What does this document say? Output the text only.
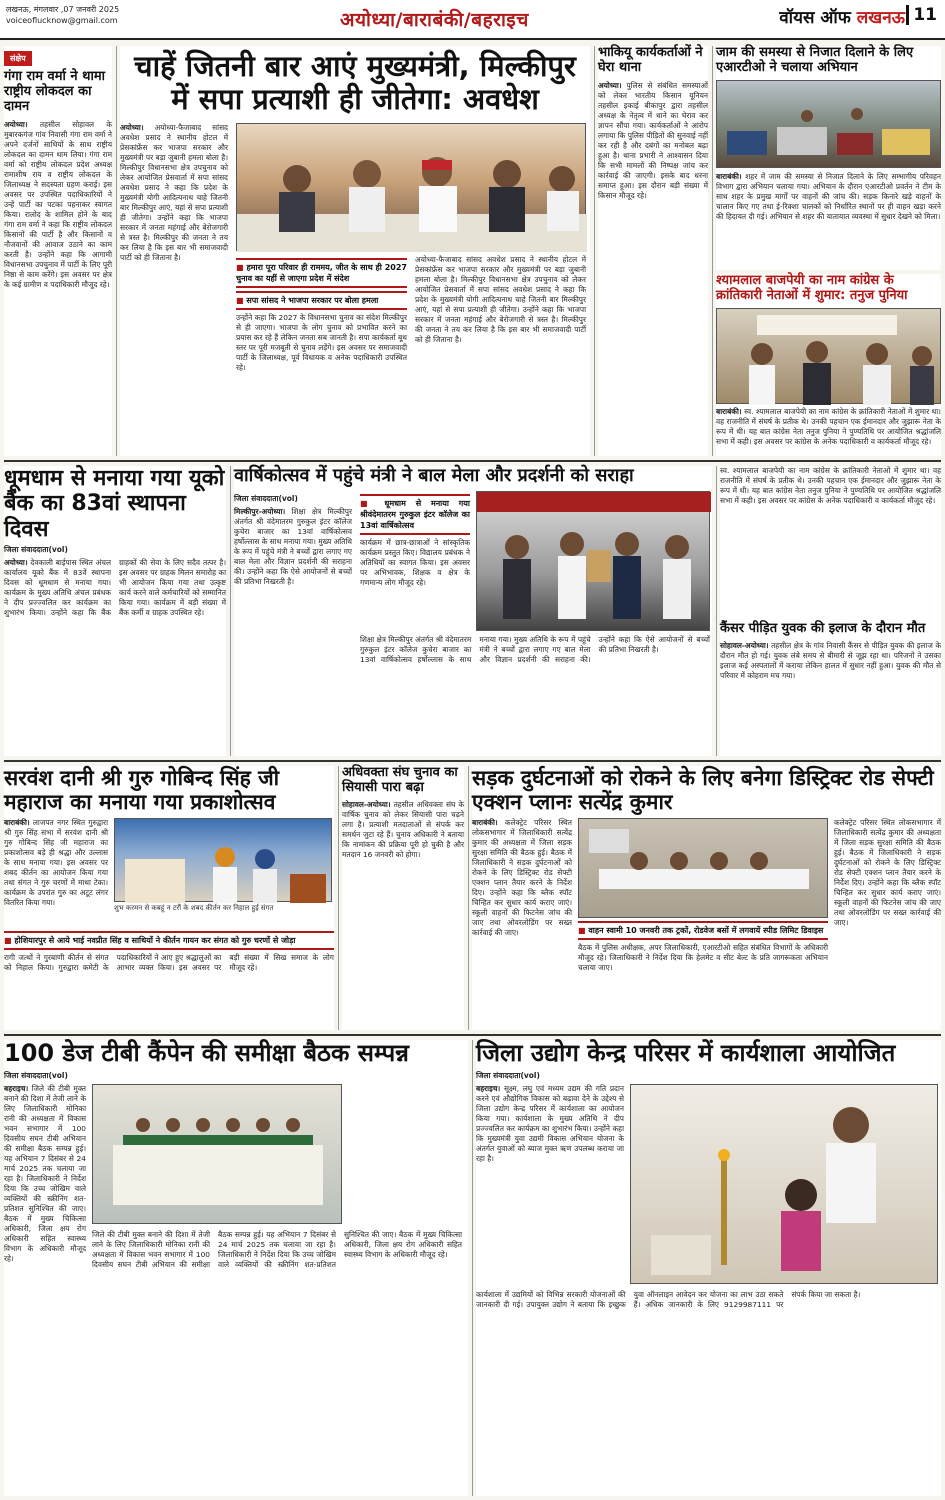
लखनऊ, मंगलवार ,07 जनवरी 2025
voiceoflucknow@gmail.com	अयोध्या/बाराबंकी/बहराइच	वॉयस ऑफ लखनऊ 11
संक्षेप
गंगा राम वर्मा ने थामा राष्ट्रीय लोकदल का दामन
अयोध्या। तहसील सोहावल के मुबारकगंज गांव निवासी गंगा राम वर्मा ने अपने दर्जनों साथियों के साथ राष्ट्रीय लोकदल का दामन थाम लिया। गंगा राम वर्मा को राष्ट्रीय लोकदल प्रदेश अध्यक्ष रामाशीष राय व राष्ट्रीय लोकदल के जिलाध्यक्ष ने सदस्यता ग्रहण कराई। इस अवसर पर उपस्थित पदाधिकारियों ने उन्हें पार्टी का पटका पहनाकर स्वागत किया। रालोद के शामिल होने के बाद गंगा राम वर्मा ने कहा कि राष्ट्रीय लोकदल किसानों की पार्टी है और किसानों व नौजवानों की आवाज उठाने का काम करती है। उन्होंने कहा कि आगामी विधानसभा उपचुनाव में पार्टी के लिए पूरी निष्ठा से काम करेंगे। इस अवसर पर क्षेत्र के कई ग्रामीण व पदाधिकारी मौजूद रहे।
चाहें जितनी बार आएं मुख्यमंत्री, मिल्कीपुर में सपा प्रत्याशी ही जीतेगा: अवधेश
अयोध्या। अयोध्या-फैजाबाद सांसद अवधेश प्रसाद ने स्थानीय होटल में प्रेसकांफ्रेंस कर भाजपा सरकार और मुख्यमंत्री पर बड़ा जुबानी हमला बोला है। मिल्कीपुर विधानसभा क्षेत्र उपचुनाव को लेकर आयोजित प्रेसवार्ता में सपा सांसद अवधेश प्रसाद ने कहा कि प्रदेश के मुख्यमंत्री योगी आदित्यनाथ चाहे जितनी बार मिल्कीपुर आएं, यहां से सपा प्रत्याशी ही जीतेगा। उन्होंने कहा कि भाजपा सरकार में जनता महंगाई और बेरोजगारी से त्रस्त है। मिल्कीपुर की जनता ने तय कर लिया है कि इस बार भी समाजवादी पार्टी को ही जिताना है।
■ हमारा पूरा परिवार ही राममय, जीत के साथ ही 2027 चुनाव का यहीं से जाएगा प्रदेश में संदेश
■ सपा सांसद ने भाजपा सरकार पर बोला हमला
उन्होंने कहा कि 2027 के विधानसभा चुनाव का संदेश मिल्कीपुर से ही जाएगा। भाजपा के लोग चुनाव को प्रभावित करने का प्रयास कर रहे हैं लेकिन जनता सब जानती है। सपा कार्यकर्ता बूथ स्तर पर पूरी मजबूती से चुनाव लड़ेंगे। इस अवसर पर समाजवादी पार्टी के जिलाध्यक्ष, पूर्व विधायक व अनेक पदाधिकारी उपस्थित रहे।
अयोध्या-फैजाबाद सांसद अवधेश प्रसाद ने स्थानीय होटल में प्रेसकांफ्रेंस कर भाजपा सरकार और मुख्यमंत्री पर बड़ा जुबानी हमला बोला है। मिल्कीपुर विधानसभा क्षेत्र उपचुनाव को लेकर आयोजित प्रेसवार्ता में सपा सांसद अवधेश प्रसाद ने कहा कि प्रदेश के मुख्यमंत्री योगी आदित्यनाथ चाहे जितनी बार मिल्कीपुर आएं, यहां से सपा प्रत्याशी ही जीतेगा। उन्होंने कहा कि भाजपा सरकार में जनता महंगाई और बेरोजगारी से त्रस्त है। मिल्कीपुर की जनता ने तय कर लिया है कि इस बार भी समाजवादी पार्टी को ही जिताना है।
भाकियू कार्यकर्ताओं ने घेरा थाना
अयोध्या। पुलिस से संबंधित समस्याओं को लेकर भारतीय किसान यूनियन तहसील इकाई बीकापुर द्वारा तहसील अध्यक्ष के नेतृत्व में थाने का घेराव कर ज्ञापन सौंपा गया। कार्यकर्ताओं ने आरोप लगाया कि पुलिस पीड़ितों की सुनवाई नहीं कर रही है और दबंगों का मनोबल बढ़ा हुआ है। थाना प्रभारी ने आश्वासन दिया कि सभी मामलों की निष्पक्ष जांच कर कार्रवाई की जाएगी। इसके बाद धरना समाप्त हुआ। इस दौरान बड़ी संख्या में किसान मौजूद रहे।
जाम की समस्या से निजात दिलाने के लिए एआरटीओ ने चलाया अभियान
बाराबंकी। शहर में जाम की समस्या से निजात दिलाने के लिए सम्भागीय परिवहन विभाग द्वारा अभियान चलाया गया। अभियान के दौरान एआरटीओ प्रवर्तन ने टीम के साथ शहर के प्रमुख मार्गों पर वाहनों की जांच की। सड़क किनारे खड़े वाहनों के चालान किए गए तथा ई-रिक्शा चालकों को निर्धारित स्थानों पर ही वाहन खड़ा करने की हिदायत दी गई। अभियान से शहर की यातायात व्यवस्था में सुधार देखने को मिला।
श्यामलाल बाजपेयी का नाम कांग्रेस के क्रांतिकारी नेताओं में शुमार: तनुज पुनिया
बाराबंकी। स्व. श्यामलाल बाजपेयी का नाम कांग्रेस के क्रांतिकारी नेताओं में शुमार था। वह राजनीति में संघर्ष के प्रतीक थे। उनकी पहचान एक ईमानदार और जुझारू नेता के रूप में थी। यह बात कांग्रेस नेता तनुज पुनिया ने पुण्यतिथि पर आयोजित श्रद्धांजलि सभा में कही। इस अवसर पर कांग्रेस के अनेक पदाधिकारी व कार्यकर्ता मौजूद रहे।
धूमधाम से मनाया गया यूको बैंक का 83वां स्थापना दिवस
जिला संवाददाता(vol)
अयोध्या। देवकाली बाईपास स्थित अंचल कार्यालय यूको बैंक में 83वें स्थापना दिवस को धूमधाम से मनाया गया। कार्यक्रम के मुख्य अतिथि अंचल प्रबंधक ने दीप प्रज्ज्वलित कर कार्यक्रम का शुभारंभ किया। उन्होंने कहा कि बैंक ग्राहकों की सेवा के लिए सदैव तत्पर है। इस अवसर पर ग्राहक मिलन समारोह का भी आयोजन किया गया तथा उत्कृष्ट कार्य करने वाले कर्मचारियों को सम्मानित किया गया। कार्यक्रम में बड़ी संख्या में बैंक कर्मी व ग्राहक उपस्थित रहे।
वार्षिकोत्सव में पहुंचे मंत्री ने बाल मेला और प्रदर्शनी को सराहा
जिला संवाददाता(vol)
मिल्कीपुर-अयोध्या। शिक्षा क्षेत्र मिल्कीपुर अंतर्गत श्री वंदेमातरम गुरुकुल इंटर कॉलेज कुचेरा बाजार का 13वां वार्षिकोत्सव हर्षोल्लास के साथ मनाया गया। मुख्य अतिथि के रूप में पहुंचे मंत्री ने बच्चों द्वारा लगाए गए बाल मेला और विज्ञान प्रदर्शनी की सराहना की। उन्होंने कहा कि ऐसे आयोजनों से बच्चों की प्रतिभा निखरती है।
■ धूमधाम से मनाया गया श्रीवंदेमातरम गुरुकुल इंटर कॉलेज का 13वां वार्षिकोत्सव
कार्यक्रम में छात्र-छात्राओं ने सांस्कृतिक कार्यक्रम प्रस्तुत किए। विद्यालय प्रबंधक ने अतिथियों का स्वागत किया। इस अवसर पर अभिभावक, शिक्षक व क्षेत्र के गणमान्य लोग मौजूद रहे।
शिक्षा क्षेत्र मिल्कीपुर अंतर्गत श्री वंदेमातरम गुरुकुल इंटर कॉलेज कुचेरा बाजार का 13वां वार्षिकोत्सव हर्षोल्लास के साथ मनाया गया। मुख्य अतिथि के रूप में पहुंचे मंत्री ने बच्चों द्वारा लगाए गए बाल मेला और विज्ञान प्रदर्शनी की सराहना की। उन्होंने कहा कि ऐसे आयोजनों से बच्चों की प्रतिभा निखरती है।
स्व. श्यामलाल बाजपेयी का नाम कांग्रेस के क्रांतिकारी नेताओं में शुमार था। वह राजनीति में संघर्ष के प्रतीक थे। उनकी पहचान एक ईमानदार और जुझारू नेता के रूप में थी। यह बात कांग्रेस नेता तनुज पुनिया ने पुण्यतिथि पर आयोजित श्रद्धांजलि सभा में कही। इस अवसर पर कांग्रेस के अनेक पदाधिकारी व कार्यकर्ता मौजूद रहे।
कैंसर पीड़ित युवक की इलाज के दौरान मौत
सोहावल-अयोध्या। तहसील क्षेत्र के गांव निवासी कैंसर से पीड़ित युवक की इलाज के दौरान मौत हो गई। युवक लंबे समय से बीमारी से जूझ रहा था। परिजनों ने उसका इलाज कई अस्पतालों में कराया लेकिन हालत में सुधार नहीं हुआ। युवक की मौत से परिवार में कोहराम मच गया।
सरवंश दानी श्री गुरु गोबिन्द सिंह जी महाराज का मनाया गया प्रकाशोत्सव
बाराबंकी। लाजपत नगर स्थित गुरुद्वारा श्री गुरु सिंह सभा में सरवंश दानी श्री गुरु गोबिन्द सिंह जी महाराज का प्रकाशोत्सव बड़े ही श्रद्धा और उल्लास के साथ मनाया गया। इस अवसर पर शबद कीर्तन का आयोजन किया गया तथा संगत ने गुरु चरणों में माथा टेका। कार्यक्रम के उपरांत गुरु का अटूट लंगर वितरित किया गया।
शुभ करमन से कबहूं न टरौं के शबद कीर्तन कर निहाल हुई संगत
■ होशियारपुर से आये भाई नवप्रीत सिंह व साथियों ने कीर्तन गायन कर संगत को गुरु चरणों से जोड़ा
रागी जत्थों ने गुरबाणी कीर्तन से संगत को निहाल किया। गुरुद्वारा कमेटी के पदाधिकारियों ने आए हुए श्रद्धालुओं का आभार व्यक्त किया। इस अवसर पर बड़ी संख्या में सिख समाज के लोग मौजूद रहे।
अधिवक्ता संघ चुनाव का सियासी पारा बढ़ा
सोहावल-अयोध्या। तहसील अधिवक्ता संघ के वार्षिक चुनाव को लेकर सियासी पारा चढ़ने लगा है। प्रत्याशी मतदाताओं से संपर्क कर समर्थन जुटा रहे हैं। चुनाव अधिकारी ने बताया कि नामांकन की प्रक्रिया पूरी हो चुकी है और मतदान 16 जनवरी को होगा।
सड़क दुर्घटनाओं को रोकने के लिए बनेगा डिस्ट्रिक्ट रोड सेफ्टी एक्शन प्लानः सत्येंद्र कुमार
बाराबंकी। कलेक्ट्रेट परिसर स्थित लोकसभागार में जिलाधिकारी सत्येंद्र कुमार की अध्यक्षता में जिला सड़क सुरक्षा समिति की बैठक हुई। बैठक में जिलाधिकारी ने सड़क दुर्घटनाओं को रोकने के लिए डिस्ट्रिक्ट रोड सेफ्टी एक्शन प्लान तैयार करने के निर्देश दिए। उन्होंने कहा कि ब्लैक स्पॉट चिन्हित कर सुधार कार्य कराए जाएं। स्कूली वाहनों की फिटनेस जांच की जाए तथा ओवरलोडिंग पर सख्त कार्रवाई की जाए।
■	वाहन स्वामी 10 जनवरी तक ट्रकों, रोडवेज बसों में लगवायें स्पीड लिमिट डिवाइस
बैठक में पुलिस अधीक्षक, अपर जिलाधिकारी, एआरटीओ सहित संबंधित विभागों के अधिकारी मौजूद रहे। जिलाधिकारी ने निर्देश दिया कि हेलमेट व सीट बेल्ट के प्रति जागरूकता अभियान चलाया जाए।
कलेक्ट्रेट परिसर स्थित लोकसभागार में जिलाधिकारी सत्येंद्र कुमार की अध्यक्षता में जिला सड़क सुरक्षा समिति की बैठक हुई। बैठक में जिलाधिकारी ने सड़क दुर्घटनाओं को रोकने के लिए डिस्ट्रिक्ट रोड सेफ्टी एक्शन प्लान तैयार करने के निर्देश दिए। उन्होंने कहा कि ब्लैक स्पॉट चिन्हित कर सुधार कार्य कराए जाएं। स्कूली वाहनों की फिटनेस जांच की जाए तथा ओवरलोडिंग पर सख्त कार्रवाई की जाए।
100 डेज टीबी कैंपेन की समीक्षा बैठक सम्पन्न
जिला संवाददाता(vol)
बहराइच। जिले की टीबी मुक्त बनाने की दिशा में तेजी लाने के लिए जिलाधिकारी मोनिका रानी की अध्यक्षता में विकास भवन सभागार में 100 दिवसीय सघन टीबी अभियान की समीक्षा बैठक सम्पन्न हुई। यह अभियान 7 दिसंबर से 24 मार्च 2025 तक चलाया जा रहा है। जिलाधिकारी ने निर्देश दिया कि उच्च जोखिम वाले व्यक्तियों की स्क्रीनिंग शत-प्रतिशत सुनिश्चित की जाए। बैठक में मुख्य चिकित्सा अधिकारी, जिला क्षय रोग अधिकारी सहित स्वास्थ्य विभाग के अधिकारी मौजूद रहे।
जिले की टीबी मुक्त बनाने की दिशा में तेजी लाने के लिए जिलाधिकारी मोनिका रानी की अध्यक्षता में विकास भवन सभागार में 100 दिवसीय सघन टीबी अभियान की समीक्षा बैठक सम्पन्न हुई। यह अभियान 7 दिसंबर से 24 मार्च 2025 तक चलाया जा रहा है। जिलाधिकारी ने निर्देश दिया कि उच्च जोखिम वाले व्यक्तियों की स्क्रीनिंग शत-प्रतिशत सुनिश्चित की जाए। बैठक में मुख्य चिकित्सा अधिकारी, जिला क्षय रोग अधिकारी सहित स्वास्थ्य विभाग के अधिकारी मौजूद रहे।
जिला उद्योग केन्द्र परिसर में कार्यशाला आयोजित
जिला संवाददाता(vol)
बहराइच। सूक्ष्म, लघु एवं मध्यम उद्यम की गति प्रदान करने एवं औद्योगिक विकास को बढ़ावा देने के उद्देश्य से जिला उद्योग केन्द्र परिसर में कार्यशाला का आयोजन किया गया। कार्यशाला के मुख्य अतिथि ने दीप प्रज्ज्वलित कर कार्यक्रम का शुभारंभ किया। उन्होंने कहा कि मुख्यमंत्री युवा उद्यमी विकास अभियान योजना के अंतर्गत युवाओं को ब्याज मुक्त ऋण उपलब्ध कराया जा रहा है।
कार्यशाला में उद्यमियों को विभिन्न सरकारी योजनाओं की जानकारी दी गई। उपायुक्त उद्योग ने बताया कि इच्छुक युवा ऑनलाइन आवेदन कर योजना का लाभ उठा सकते हैं। अधिक जानकारी के लिए 9129987111 पर संपर्क किया जा सकता है।
